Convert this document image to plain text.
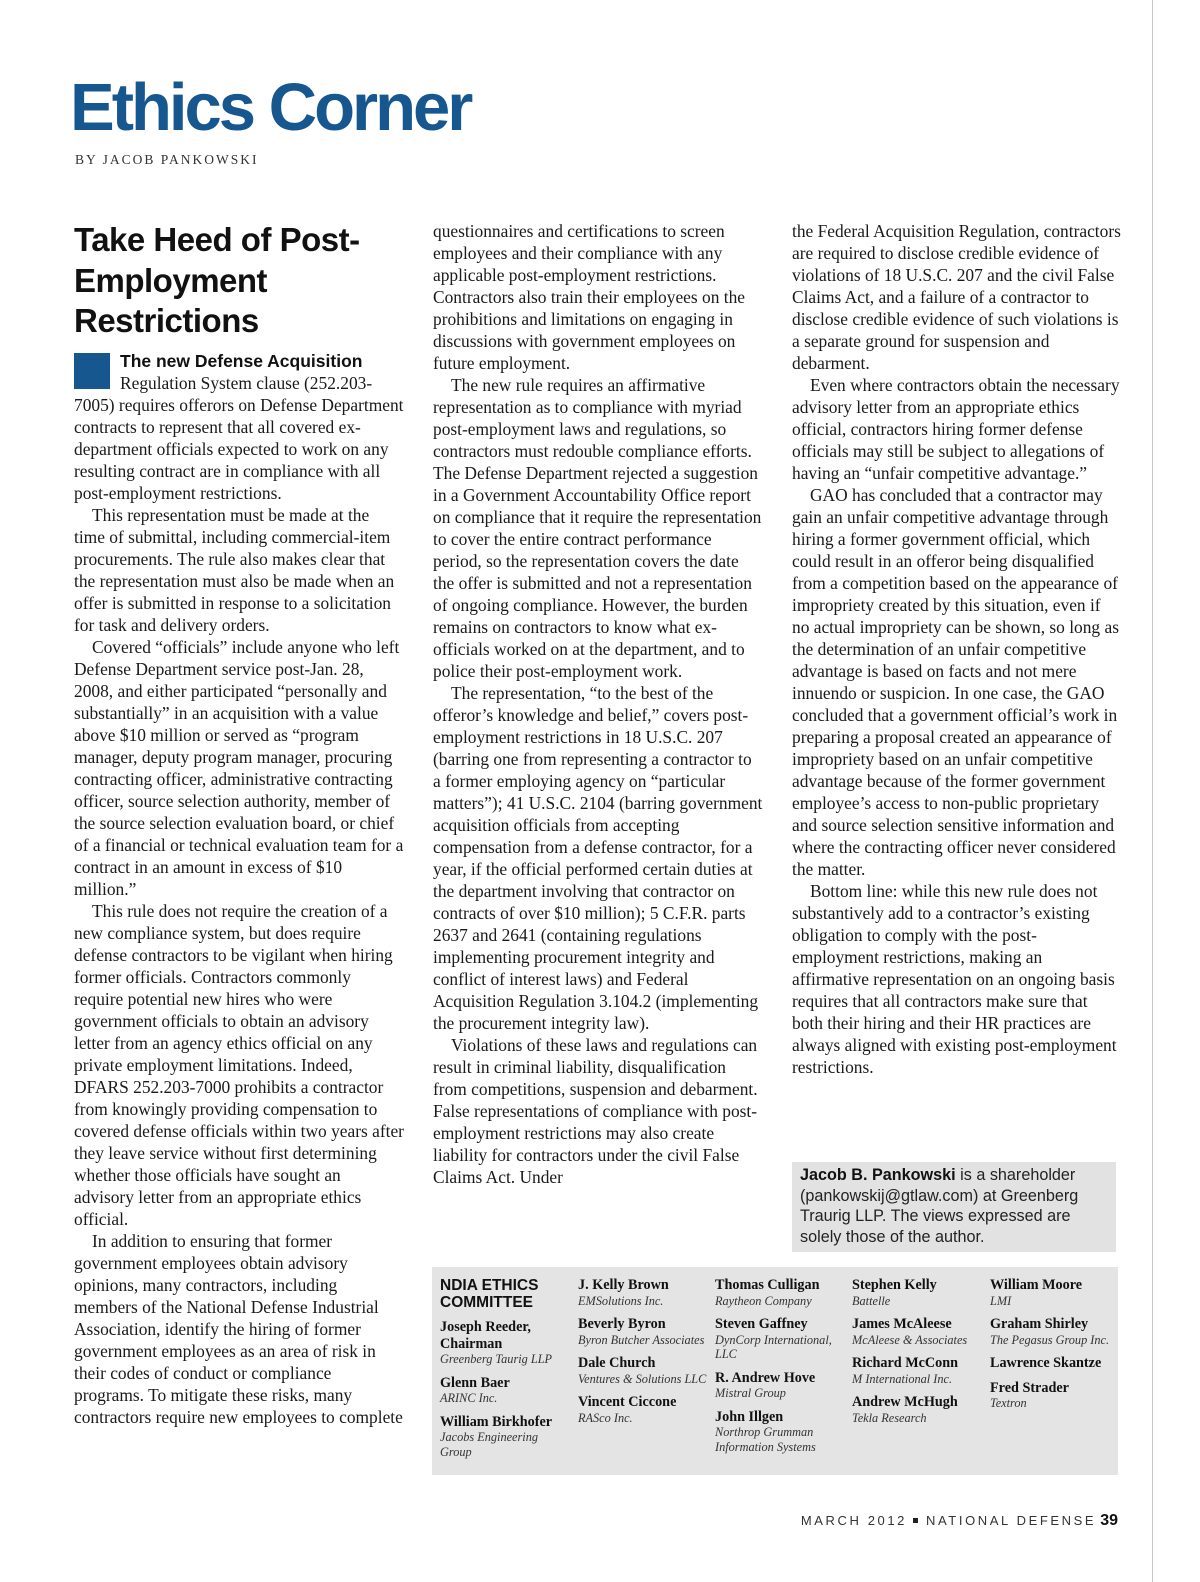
Ethics Corner
BY JACOB PANKOWSKI
Take Heed of Post-Employment Restrictions

The new Defense Acquisition Regulation System clause (252.203-7005) requires offerors on Defense Department contracts to represent that all covered ex-department officials expected to work on any resulting contract are in compliance with all post-employment restrictions.

This representation must be made at the time of submittal, including commercial-item procurements. The rule also makes clear that the representation must also be made when an offer is submitted in response to a solicitation for task and delivery orders.

Covered “officials” include anyone who left Defense Department service post-Jan. 28, 2008, and either participated “personally and substantially” in an acquisition with a value above $10 million or served as “program manager, deputy program manager, procuring contracting officer, administrative contracting officer, source selection authority, member of the source selection evaluation board, or chief of a financial or technical evaluation team for a contract in an amount in excess of $10 million.”

This rule does not require the creation of a new compliance system, but does require defense contractors to be vigilant when hiring former officials. Contractors commonly require potential new hires who were government officials to obtain an advisory letter from an agency ethics official on any private employment limitations. Indeed, DFARS 252.203-7000 prohibits a contractor from knowingly providing compensation to covered defense officials within two years after they leave service without first determining whether those officials have sought an advisory letter from an appropriate ethics official.

In addition to ensuring that former government employees obtain advisory opinions, many contractors, including members of the National Defense Industrial Association, identify the hiring of former government employees as an area of risk in their codes of conduct or compliance programs. To mitigate these risks, many contractors require new employees to complete

questionnaires and certifications to screen employees and their compliance with any applicable post-employment restrictions. Contractors also train their employees on the prohibitions and limitations on engaging in discussions with government employees on future employment.

The new rule requires an affirmative representation as to compliance with myriad post-employment laws and regulations, so contractors must redouble compliance efforts. The Defense Department rejected a suggestion in a Government Accountability Office report on compliance that it require the representation to cover the entire contract performance period, so the representation covers the date the offer is submitted and not a representation of ongoing compliance. However, the burden remains on contractors to know what ex-officials worked on at the department, and to police their post-employment work.

The representation, “to the best of the offeror’s knowledge and belief,” covers post-employment restrictions in 18 U.S.C. 207 (barring one from representing a contractor to a former employing agency on “particular matters”); 41 U.S.C. 2104 (barring government acquisition officials from accepting compensation from a defense contractor, for a year, if the official performed certain duties at the department involving that contractor on contracts of over $10 million); 5 C.F.R. parts 2637 and 2641 (containing regulations implementing procurement integrity and conflict of interest laws) and Federal Acquisition Regulation 3.104.2 (implementing the procurement integrity law).

Violations of these laws and regulations can result in criminal liability, disqualification from competitions, suspension and debarment. False representations of compliance with post-employment restrictions may also create liability for contractors under the civil False Claims Act. Under

the Federal Acquisition Regulation, contractors are required to disclose credible evidence of violations of 18 U.S.C. 207 and the civil False Claims Act, and a failure of a contractor to disclose credible evidence of such violations is a separate ground for suspension and debarment.

Even where contractors obtain the necessary advisory letter from an appropriate ethics official, contractors hiring former defense officials may still be subject to allegations of having an “unfair competitive advantage.”

GAO has concluded that a contractor may gain an unfair competitive advantage through hiring a former government official, which could result in an offeror being disqualified from a competition based on the appearance of impropriety created by this situation, even if no actual impropriety can be shown, so long as the determination of an unfair competitive advantage is based on facts and not mere innuendo or suspicion. In one case, the GAO concluded that a government official’s work in preparing a proposal created an appearance of impropriety based on an unfair competitive advantage because of the former government employee’s access to non-public proprietary and source selection sensitive information and where the contracting officer never considered the matter.

Bottom line: while this new rule does not substantively add to a contractor’s existing obligation to comply with the post-employment restrictions, making an affirmative representation on an ongoing basis requires that all contractors make sure that both their hiring and their HR practices are always aligned with existing post-employment restrictions.

Jacob B. Pankowski is a shareholder (pankowskij@gtlaw.com) at Greenberg Traurig LLP. The views expressed are solely those of the author.
NDIA ETHICS COMMITTEE
Joseph Reeder, Chairman
Greenberg Taurig LLP
Glenn Baer
ARINC Inc.
William Birkhofer
Jacobs Engineering Group
J. Kelly Brown
EMSolutions Inc.
Beverly Byron
Byron Butcher Associates
Dale Church
Ventures & Solutions LLC
Vincent Ciccone
RASco Inc.
Thomas Culligan
Raytheon Company
Steven Gaffney
DynCorp International, LLC
R. Andrew Hove
Mistral Group
John Illgen
Northrop Grumman Information Systems
Stephen Kelly
Battelle
James McAleese
McAleese & Associates
Richard McConn
M International Inc.
Andrew McHugh
Tekla Research
William Moore
LMI
Graham Shirley
The Pegasus Group Inc.
Lawrence Skantze
Fred Strader
Textron
MARCH 2012 NATIONAL DEFENSE 39
